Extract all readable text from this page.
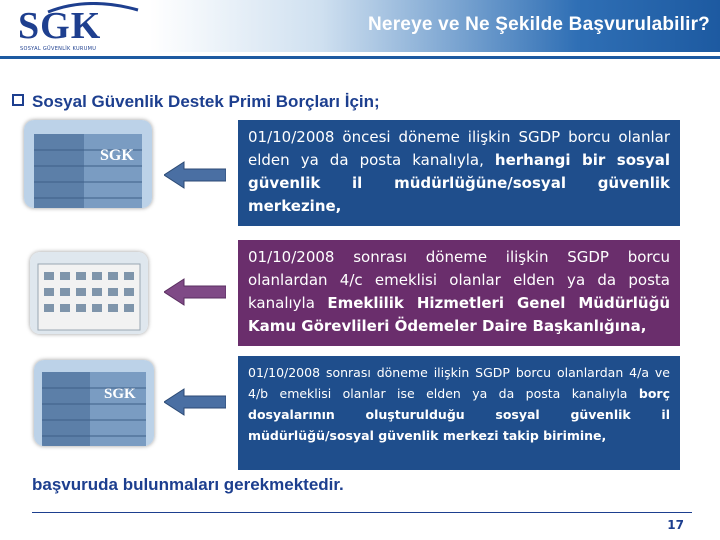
SGK
SOSYAL GÜVENLİK KURUMU
Nereye ve Ne Şekilde Başvurulabilir?
Sosyal Güvenlik Destek Primi Borçları İçin;
SGK
SGK
01/10/2008 öncesi döneme ilişkin SGDP borcu olanlar elden ya da posta kanalıyla, herhangi bir sosyal güvenlik il müdürlüğüne/sosyal güvenlik merkezine,
01/10/2008 sonrası döneme ilişkin SGDP borcu olanlardan 4/c emeklisi olanlar elden ya da posta kanalıyla Emeklilik Hizmetleri Genel Müdürlüğü Kamu Görevlileri Ödemeler Daire Başkanlığına,
01/10/2008 sonrası döneme ilişkin SGDP borcu olanlardan 4/a ve 4/b emeklisi olanlar ise elden ya da posta kanalıyla borç dosyalarının oluşturulduğu sosyal güvenlik il müdürlüğü/sosyal güvenlik merkezi takip birimine,
başvuruda bulunmaları gerekmektedir.
17
